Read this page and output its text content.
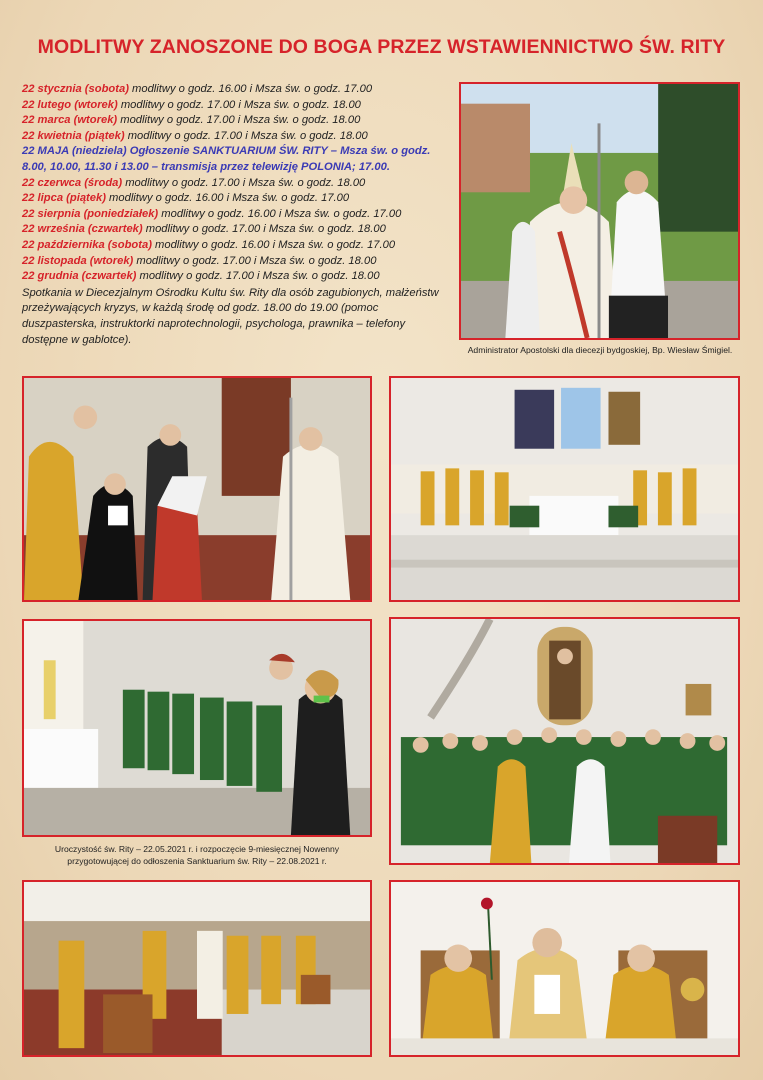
MODLITWY ZANOSZONE DO BOGA PRZEZ WSTAWIENNICTWO ŚW. RITY
22 stycznia (sobota) modlitwy o godz. 16.00 i Msza św. o godz. 17.00
22 lutego (wtorek) modlitwy o godz. 17.00 i Msza św. o godz. 18.00
22 marca (wtorek) modlitwy o godz. 17.00 i Msza św. o godz. 18.00
22 kwietnia (piątek) modlitwy o godz. 17.00 i Msza św. o godz. 18.00
22 MAJA (niedziela) Ogłoszenie SANKTUARIUM ŚW. RITY – Msza św. o godz. 8.00, 10.00, 11.30 i 13.00 – transmisja przez telewizję POLONIA; 17.00.
22 czerwca (środa) modlitwy o godz. 17.00 i Msza św. o godz. 18.00
22 lipca (piątek) modlitwy o godz. 16.00 i Msza św. o godz. 17.00
22 sierpnia (poniedziałek) modlitwy o godz. 16.00 i Msza św. o godz. 17.00
22 września (czwartek) modlitwy o godz. 17.00 i Msza św. o godz. 18.00
22 października (sobota) modlitwy o godz. 16.00 i Msza św. o godz. 17.00
22 listopada (wtorek) modlitwy o godz. 17.00 i Msza św. o godz. 18.00
22 grudnia (czwartek) modlitwy o godz. 17.00 i Msza św. o godz. 18.00
Spotkania w Diecezjalnym Ośrodku Kultu św. Rity dla osób zagubionych, małżeństw przeżywających kryzys, w każdą środę od godz. 18.00 do 19.00 (pomoc duszpasterska, instruktorki naprotechnologii, psychologa, prawnika – telefony dostępne w gablotce).
Administrator Apostolski dla diecezji bydgoskiej, Bp. Wiesław Śmigiel.
Uroczystość św. Rity – 22.05.2021 r. i rozpoczęcie 9-miesięcznej Nowenny
przygotowującej do odłoszenia Sanktuarium św. Rity – 22.08.2021 r.
